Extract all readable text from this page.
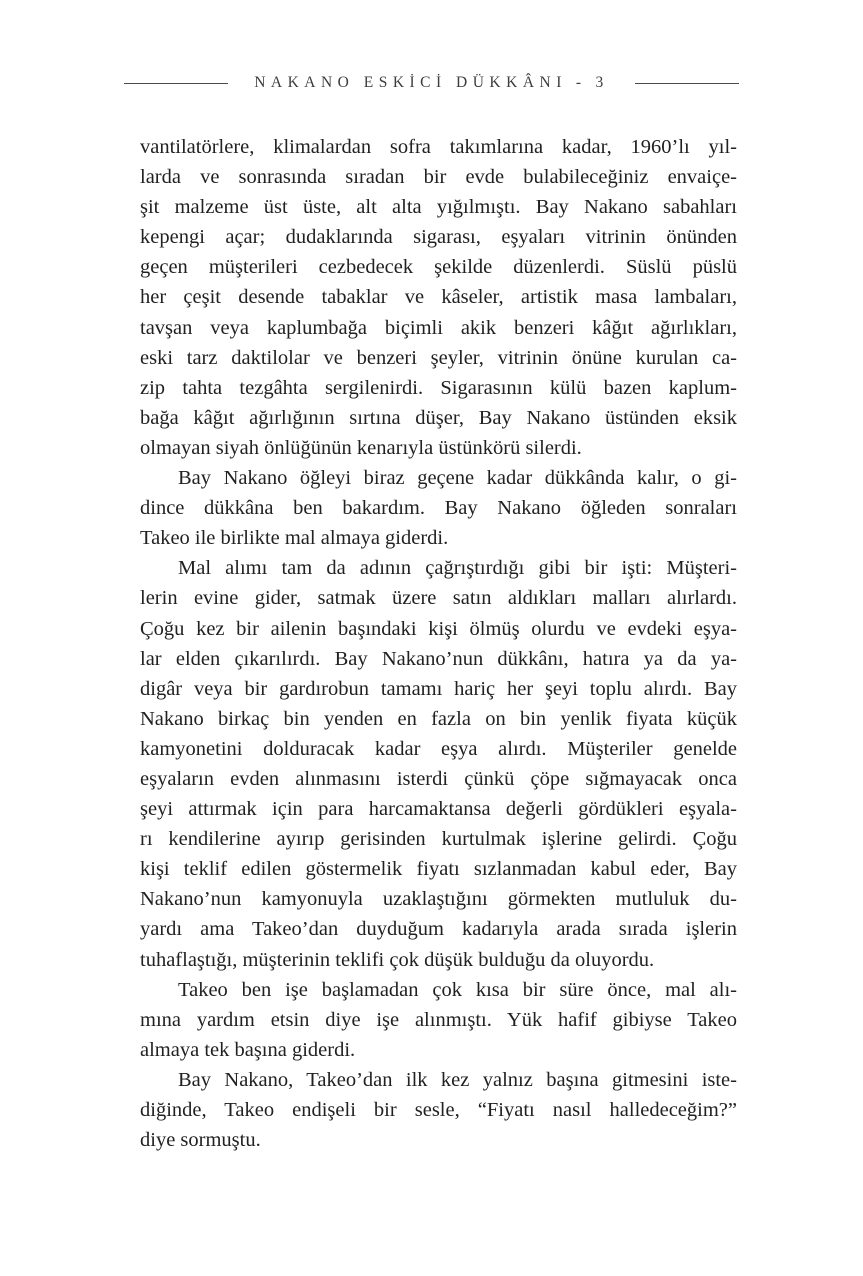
NAKANO ESKİCİ DÜKKÂNI - 3
vantilatörlere, klimalardan sofra takımlarına kadar, 1960’lı yıl-
larda ve sonrasında sıradan bir evde bulabileceğiniz envaiçe-
şit malzeme üst üste, alt alta yığılmıştı. Bay Nakano sabahları
kepengi açar; dudaklarında sigarası, eşyaları vitrinin önünden
geçen müşterileri cezbedecek şekilde düzenlerdi. Süslü püslü
her çeşit desende tabaklar ve kâseler, artistik masa lambaları,
tavşan veya kaplumbağa biçimli akik benzeri kâğıt ağırlıkları,
eski tarz daktilolar ve benzeri şeyler, vitrinin önüne kurulan ca-
zip tahta tezgâhta sergilenirdi. Sigarasının külü bazen kaplum-
bağa kâğıt ağırlığının sırtına düşer, Bay Nakano üstünden eksik
olmayan siyah önlüğünün kenarıyla üstünkörü silerdi.
Bay Nakano öğleyi biraz geçene kadar dükkânda kalır, o gi-
dince dükkâna ben bakardım. Bay Nakano öğleden sonraları
Takeo ile birlikte mal almaya giderdi.
Mal alımı tam da adının çağrıştırdığı gibi bir işti: Müşteri-
lerin evine gider, satmak üzere satın aldıkları malları alırlardı.
Çoğu kez bir ailenin başındaki kişi ölmüş olurdu ve evdeki eşya-
lar elden çıkarılırdı. Bay Nakano’nun dükkânı, hatıra ya da ya-
digâr veya bir gardırobun tamamı hariç her şeyi toplu alırdı. Bay
Nakano birkaç bin yenden en fazla on bin yenlik fiyata küçük
kamyonetini dolduracak kadar eşya alırdı. Müşteriler genelde
eşyaların evden alınmasını isterdi çünkü çöpe sığmayacak onca
şeyi attırmak için para harcamaktansa değerli gördükleri eşyala-
rı kendilerine ayırıp gerisinden kurtulmak işlerine gelirdi. Çoğu
kişi teklif edilen göstermelik fiyatı sızlanmadan kabul eder, Bay
Nakano’nun kamyonuyla uzaklaştığını görmekten mutluluk du-
yardı ama Takeo’dan duyduğum kadarıyla arada sırada işlerin
tuhaflaştığı, müşterinin teklifi çok düşük bulduğu da oluyordu.
Takeo ben işe başlamadan çok kısa bir süre önce, mal alı-
mına yardım etsin diye işe alınmıştı. Yük hafif gibiyse Takeo
almaya tek başına giderdi.
Bay Nakano, Takeo’dan ilk kez yalnız başına gitmesini iste-
diğinde, Takeo endişeli bir sesle, “Fiyatı nasıl halledeceğim?”
diye sormuştu.
